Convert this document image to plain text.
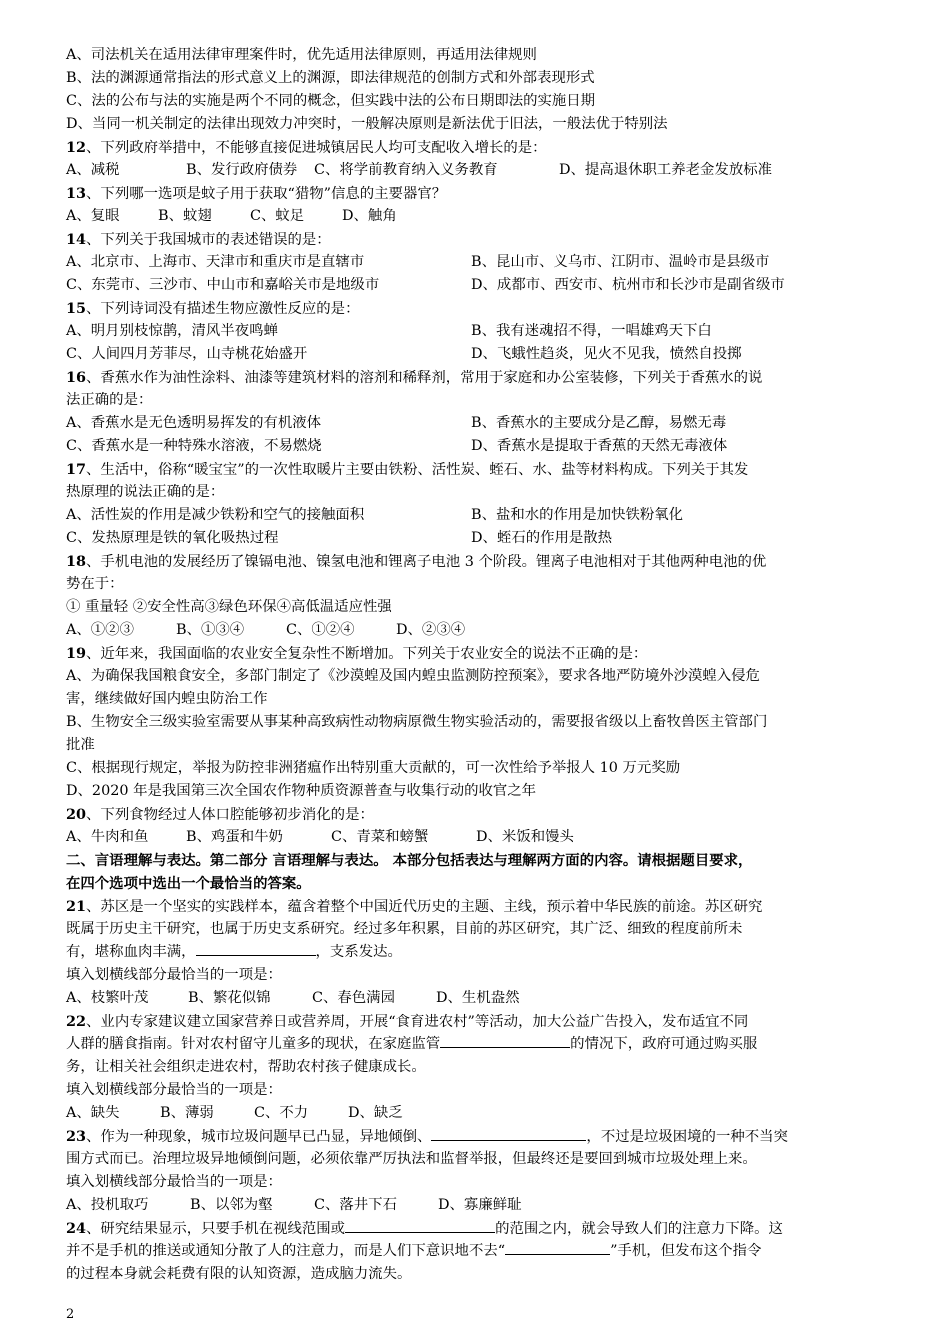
A、司法机关在适用法律审理案件时，优先适用法律原则，再适用法律规则
B、法的渊源通常指法的形式意义上的渊源，即法律规范的创制方式和外部表现形式
C、法的公布与法的实施是两个不同的概念，但实践中法的公布日期即法的实施日期
D、当同一机关制定的法律出现效力冲突时，一般解决原则是新法优于旧法，一般法优于特别法
12、下列政府举措中，不能够直接促进城镇居民人均可支配收入增长的是：
A、减税	B、发行政府债券 C、将学前教育纳入义务教育	D、提高退休职工养老金发放标准
13、下列哪一选项是蚊子用于获取“猎物”信息的主要器官？
A、复眼	B、蚊翅	C、蚊足	D、触角
14、下列关于我国城市的表述错误的是：
A、北京市、上海市、天津市和重庆市是直辖市	B、昆山市、义乌市、江阴市、温岭市是县级市
C、东莞市、三沙市、中山市和嘉峪关市是地级市	D、成都市、西安市、杭州市和长沙市是副省级市
15、下列诗词没有描述生物应激性反应的是：
A、明月别枝惊鹊，清风半夜鸣蝉	B、我有迷魂招不得，一唱雄鸡天下白
C、人间四月芳菲尽，山寺桃花始盛开	D、飞蛾性趋炎，见火不见我，愤然自投掷
16、香蕉水作为油性涂料、油漆等建筑材料的溶剂和稀释剂，常用于家庭和办公室装修，下列关于香蕉水的说
法正确的是：
A、香蕉水是无色透明易挥发的有机液体	B、香蕉水的主要成分是乙醇，易燃无毒
C、香蕉水是一种特殊水溶液，不易燃烧	D、香蕉水是提取于香蕉的天然无毒液体
17、生活中，俗称“暖宝宝”的一次性取暖片主要由铁粉、活性炭、蛭石、水、盐等材料构成。下列关于其发
热原理的说法正确的是：
A、活性炭的作用是减少铁粉和空气的接触面积	B、盐和水的作用是加快铁粉氧化
C、发热原理是铁的氧化吸热过程	D、蛭石的作用是散热
18、手机电池的发展经历了镍镉电池、镍氢电池和锂离子电池 3 个阶段。锂离子电池相对于其他两种电池的优
势在于：
① 重量轻 ②安全性高③绿色环保④高低温适应性强
A、①②③	B、①③④	C、①②④	D、②③④
19、近年来，我国面临的农业安全复杂性不断增加。下列关于农业安全的说法不正确的是：
A、为确保我国粮食安全，多部门制定了《沙漠蝗及国内蝗虫监测防控预案》，要求各地严防境外沙漠蝗入侵危
害，继续做好国内蝗虫防治工作
B、生物安全三级实验室需要从事某种高致病性动物病原微生物实验活动的，需要报省级以上畜牧兽医主管部门
批准
C、根据现行规定，举报为防控非洲猪瘟作出特别重大贡献的，可一次性给予举报人 10 万元奖励
D、2020 年是我国第三次全国农作物种质资源普查与收集行动的收官之年
20、下列食物经过人体口腔能够初步消化的是：
A、牛肉和鱼	B、鸡蛋和牛奶	C、青菜和螃蟹	D、米饭和馒头
二、言语理解与表达。第二部分 言语理解与表达。 本部分包括表达与理解两方面的内容。请根据题目要求，
在四个选项中选出一个最恰当的答案。
21、苏区是一个坚实的实践样本，蕴含着整个中国近代历史的主题、主线，预示着中华民族的前途。苏区研究
既属于历史主干研究，也属于历史支系研究。经过多年积累，目前的苏区研究，其广泛、细致的程度前所未
有，堪称血肉丰满，	，支系发达。
填入划横线部分最恰当的一项是：
A、枝繁叶茂	B、繁花似锦	C、春色满园	D、生机盎然
22、业内专家建议建立国家营养日或营养周，开展“食育进农村”等活动，加大公益广告投入，发布适宜不同
人群的膳食指南。针对农村留守儿童多的现状，在家庭监管	的情况下，政府可通过购买服
务，让相关社会组织走进农村，帮助农村孩子健康成长。
填入划横线部分最恰当的一项是：
A、缺失	B、薄弱	C、不力	D、缺乏
23、作为一种现象，城市垃圾问题早已凸显，异地倾倒、	，不过是垃圾困境的一种不当突
围方式而已。治理垃圾异地倾倒问题，必须依靠严厉执法和监督举报，但最终还是要回到城市垃圾处理上来。
填入划横线部分最恰当的一项是：
A、投机取巧	B、以邻为壑	C、落井下石	D、寡廉鲜耻
24、研究结果显示，只要手机在视线范围或	的范围之内，就会导致人们的注意力下降。这
并不是手机的推送或通知分散了人的注意力，而是人们下意识地不去“	”手机，但发布这个指令
的过程本身就会耗费有限的认知资源，造成脑力流失。
2
